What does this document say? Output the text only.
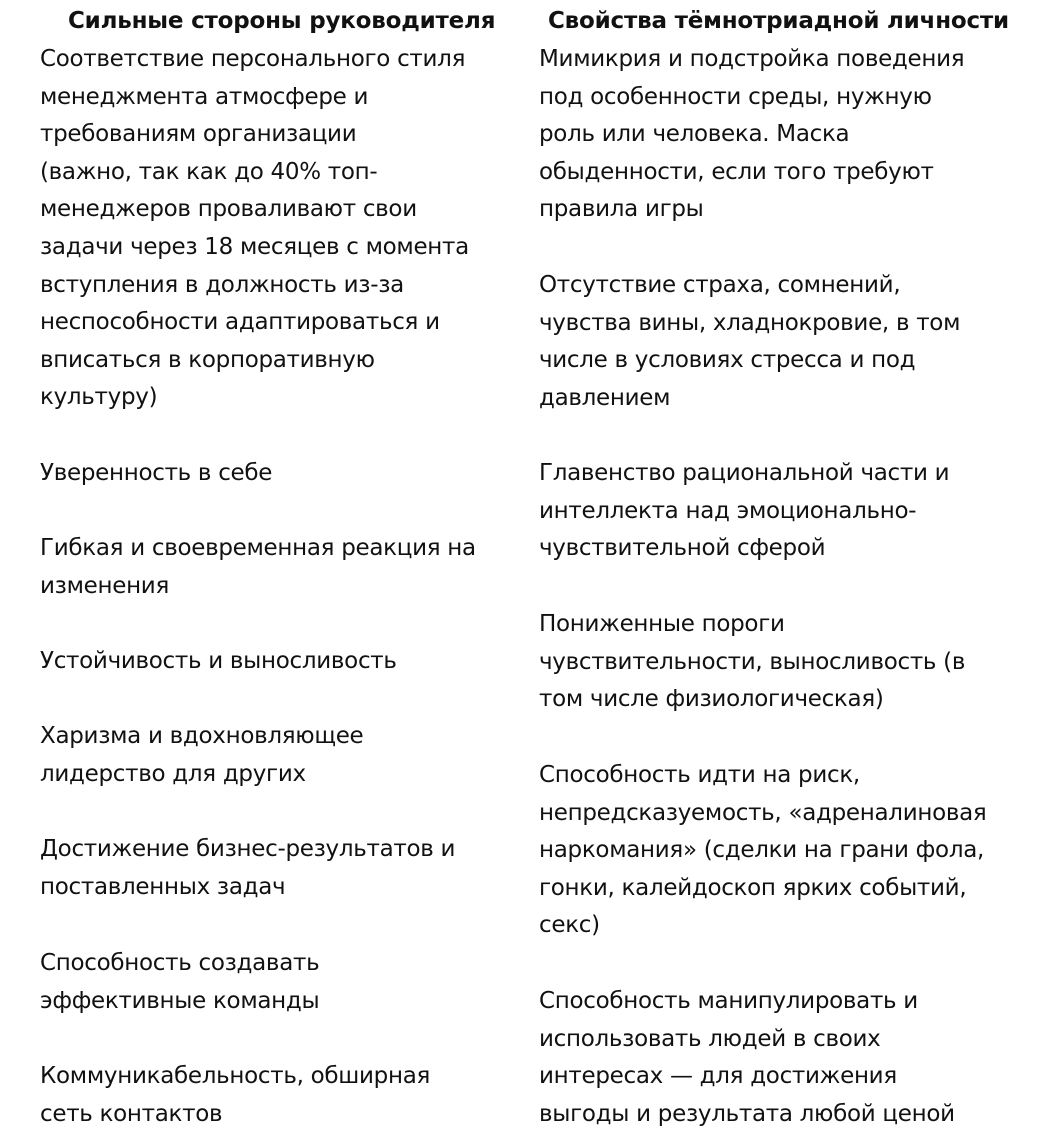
Сильные стороны руководителя Свойства тёмнотриадной личности
Соответствие персонального стиля
менеджмента атмосфере и
требованиям организации
(важно, так как до 40% топ-
менеджеров проваливают свои
задачи через 18 месяцев с момента
вступления в должность из-за
неспособности адаптироваться и
вписаться в корпоративную
культуру)
Уверенность в себе
Гибкая и своевременная реакция на
изменения
Устойчивость и выносливость
Харизма и вдохновляющее
лидерство для других
Достижение бизнес-результатов и
поставленных задач
Способность создавать
эффективные команды
Коммуникабельность, обширная
сеть контактов
Мимикрия и подстройка поведения
под особенности среды, нужную
роль или человека. Маска
обыденности, если того требуют
правила игры
Отсутствие страха, сомнений,
чувства вины, хладнокровие, в том
числе в условиях стресса и под
давлением
Главенство рациональной части и
интеллекта над эмоционально-
чувствительной сферой
Пониженные пороги
чувствительности, выносливость (в
том числе физиологическая)
Способность идти на риск,
непредсказуемость, «адреналиновая
наркомания» (сделки на грани фола,
гонки, калейдоскоп ярких событий,
секс)
Способность манипулировать и
использовать людей в своих
интересах — для достижения
выгоды и результата любой ценой
